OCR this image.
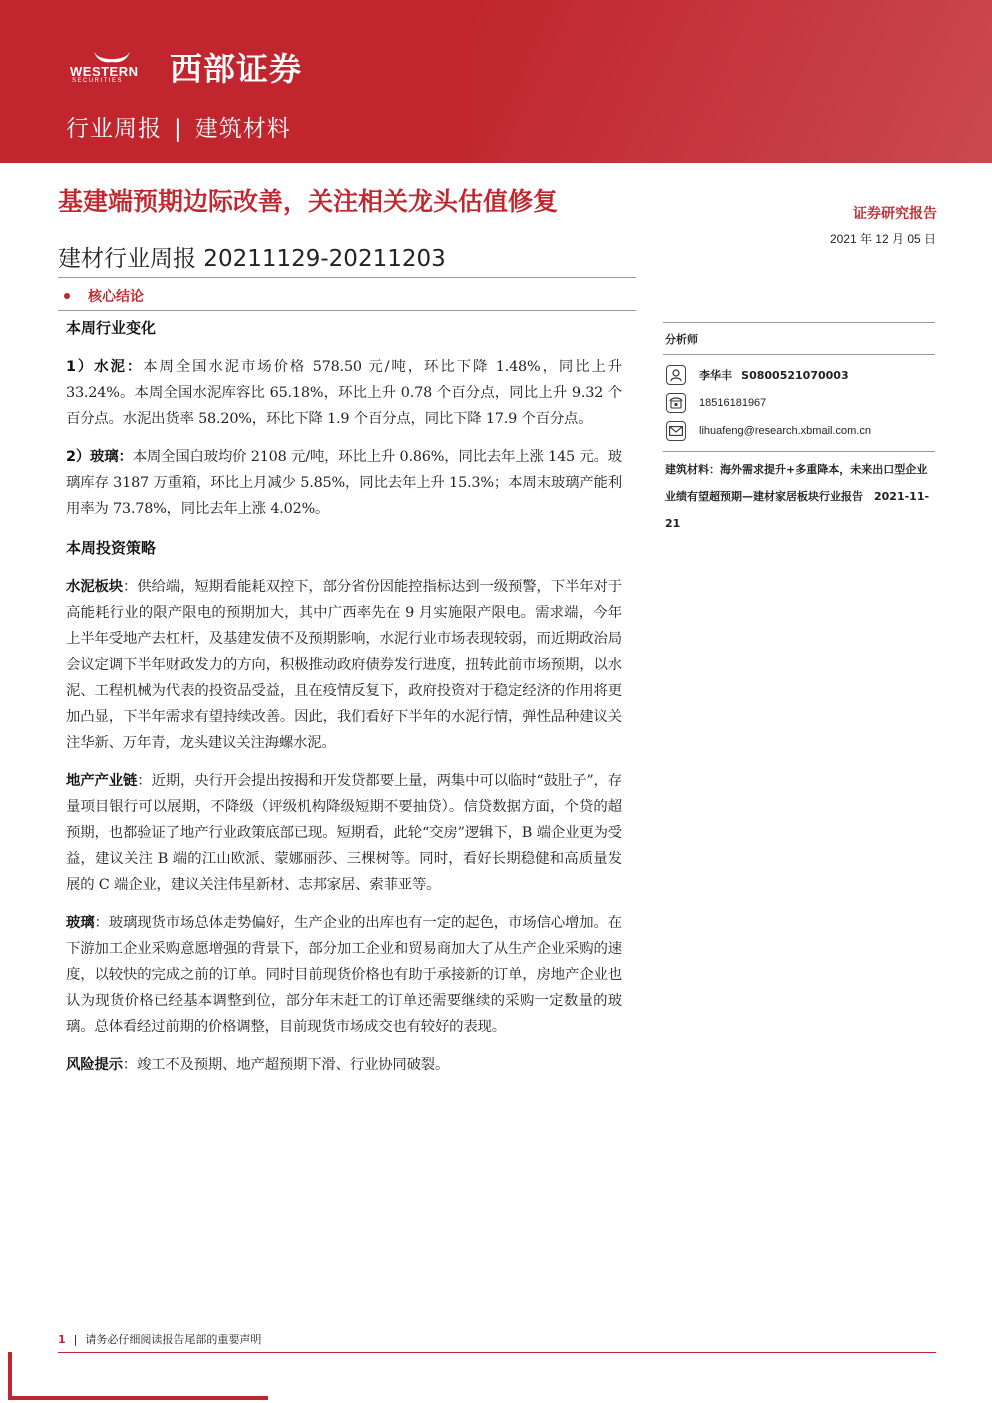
WESTERN
SECURITIES 西部证券
行业周报 | 建筑材料
基建端预期边际改善，关注相关龙头估值修复
建材行业周报 20211129-20211203
证券研究报告
2021 年 12 月 05 日
核心结论
本周行业变化

1）水泥：本周全国水泥市场价格 578.50 元/吨，环比下降 1.48%，同比上升 33.24%。本周全国水泥库容比 65.18%，环比上升 0.78 个百分点，同比上升 9.32 个百分点。水泥出货率 58.20%，环比下降 1.9 个百分点，同比下降 17.9 个百分点。

2）玻璃：本周全国白玻均价 2108 元/吨，环比上升 0.86%，同比去年上涨 145 元。玻璃库存 3187 万重箱，环比上月减少 5.85%，同比去年上升 15.3%；本周末玻璃产能利用率为 73.78%，同比去年上涨 4.02%。

本周投资策略

水泥板块：供给端，短期看能耗双控下，部分省份因能控指标达到一级预警，下半年对于高能耗行业的限产限电的预期加大，其中广西率先在 9 月实施限产限电。需求端，今年上半年受地产去杠杆，及基建发债不及预期影响，水泥行业市场表现较弱，而近期政治局会议定调下半年财政发力的方向，积极推动政府债券发行进度，扭转此前市场预期，以水泥、工程机械为代表的投资品受益，且在疫情反复下，政府投资对于稳定经济的作用将更加凸显，下半年需求有望持续改善。因此，我们看好下半年的水泥行情，弹性品种建议关注华新、万年青，龙头建议关注海螺水泥。

地产产业链：近期，央行开会提出按揭和开发贷都要上量，两集中可以临时“鼓肚子”，存量项目银行可以展期，不降级（评级机构降级短期不要抽贷）。信贷数据方面，个贷的超预期，也都验证了地产行业政策底部已现。短期看，此轮“交房”逻辑下，B 端企业更为受益，建议关注 B 端的江山欧派、蒙娜丽莎、三棵树等。同时，看好长期稳健和高质量发展的 C 端企业，建议关注伟星新材、志邦家居、索菲亚等。

玻璃：玻璃现货市场总体走势偏好，生产企业的出库也有一定的起色，市场信心增加。在下游加工企业采购意愿增强的背景下，部分加工企业和贸易商加大了从生产企业采购的速度，以较快的完成之前的订单。同时目前现货价格也有助于承接新的订单，房地产企业也认为现货价格已经基本调整到位，部分年末赶工的订单还需要继续的采购一定数量的玻璃。总体看经过前期的价格调整，目前现货市场成交也有较好的表现。

风险提示：竣工不及预期、地产超预期下滑、行业协同破裂。

分析师
李华丰 S0800521070003
18516181967
lihuafeng@research.xbmail.com.cn
建筑材料：海外需求提升+多重降本，未来出口型企业业绩有望超预期—建材家居板块行业报告　2021-11-21
1 | 请务必仔细阅读报告尾部的重要声明
